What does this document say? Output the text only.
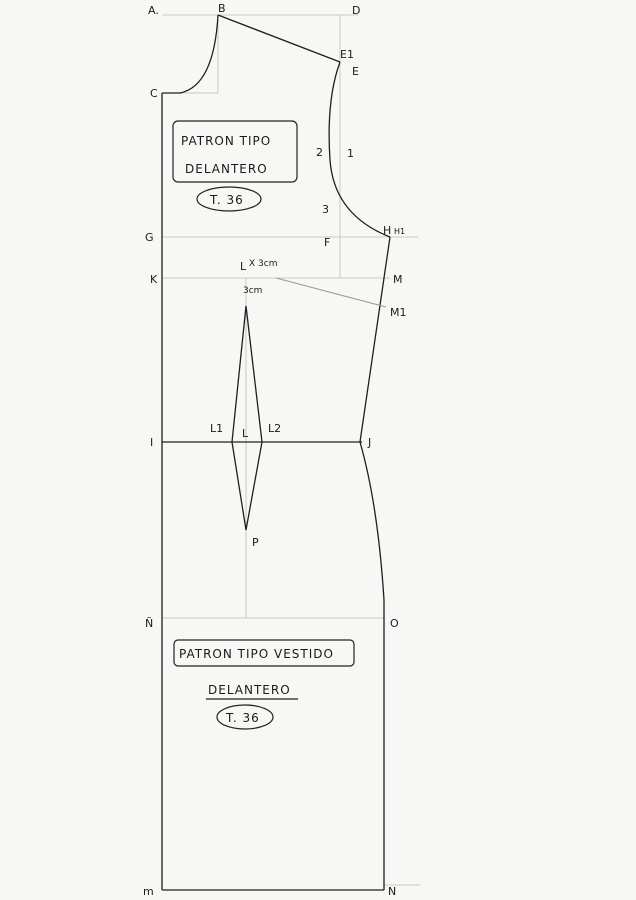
A.	B	D
E1
E
C
1
2
3
F
G
H H1
K
L X 3cm
3cm
M
M1
I
L1 L L2
J
P
Ñ	O
m	N
PATRON TIPO
DELANTERO
T. 36
PATRON TIPO VESTIDO
DELANTERO
T. 36
